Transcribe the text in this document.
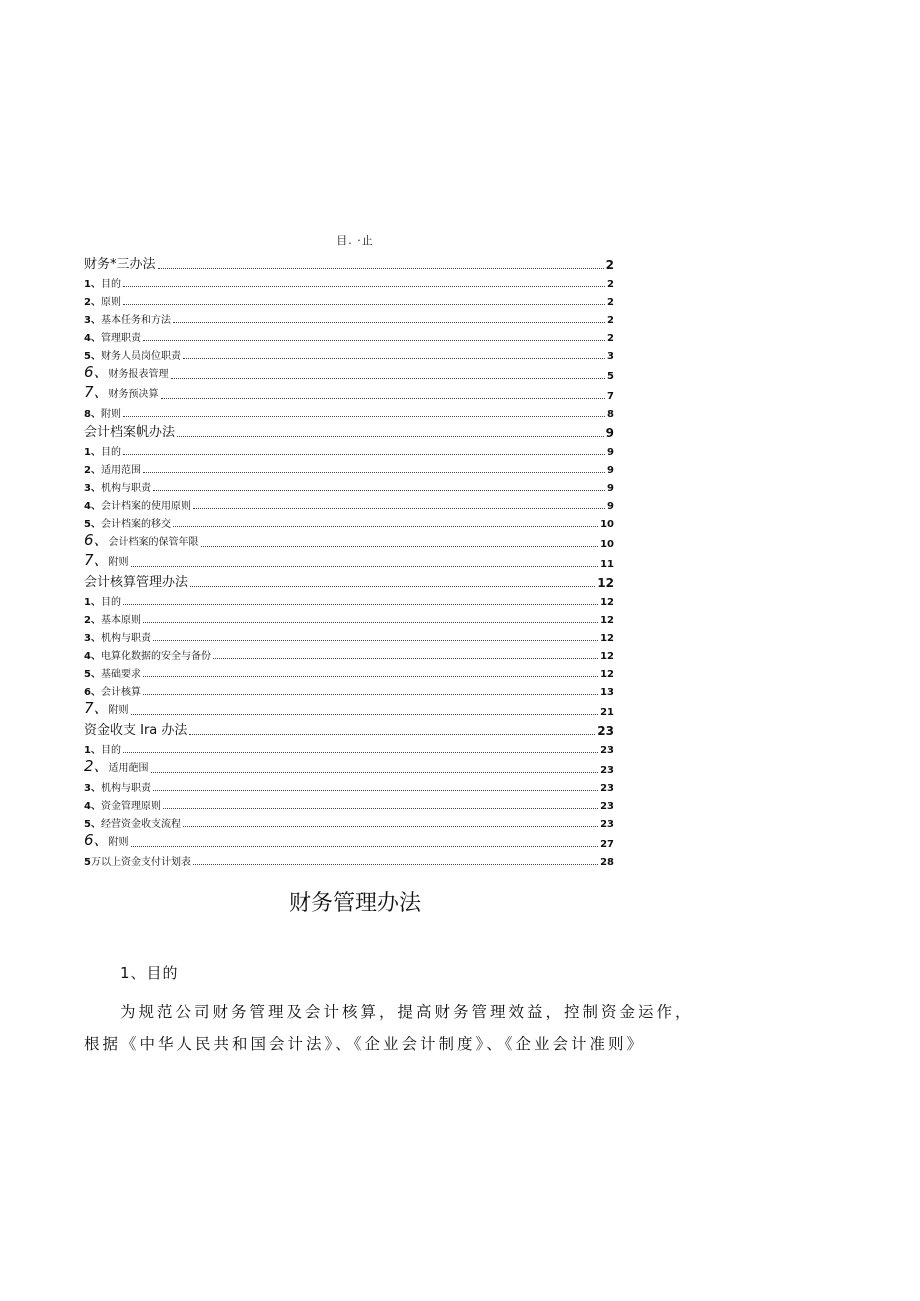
目. ·止
财务*三办法	2
1、目的	2
2、原则	2
3、基本任务和方法	2
4、管理职责	2
5、财务人员岗位职责	3
6、财务报表管理	5
7、财务预决算	7
8、附则	8
会计档案帆办法	9
1、目的	9
2、适用范围	9
3、机构与职责	9
4、会计档案的使用原则	9
5、会计档案的移交	10
6、会计档案的保管年限	10
7、附则	11
会计核算管理办法	12
1、目的	12
2、基本原则	12
3、机构与职责	12
4、电算化数据的安全与备份	12
5、基础要求	12
6、会计核算	13
7、附则	21
资金收支 Ira 办法	23
1、目的	23
2、适用葩围	23
3、机构与职责	23
4、资金管理原则	23
5、经营资金收支流程	23
6、附则	27
5万以上资金支付计划表	28
财务管理办法
1、目的
为规范公司财务管理及会计核算，提高财务管理效益，控制资金运作，
根据《中华人民共和国会计法》、《企业会计制度》、《企业会计准则》
